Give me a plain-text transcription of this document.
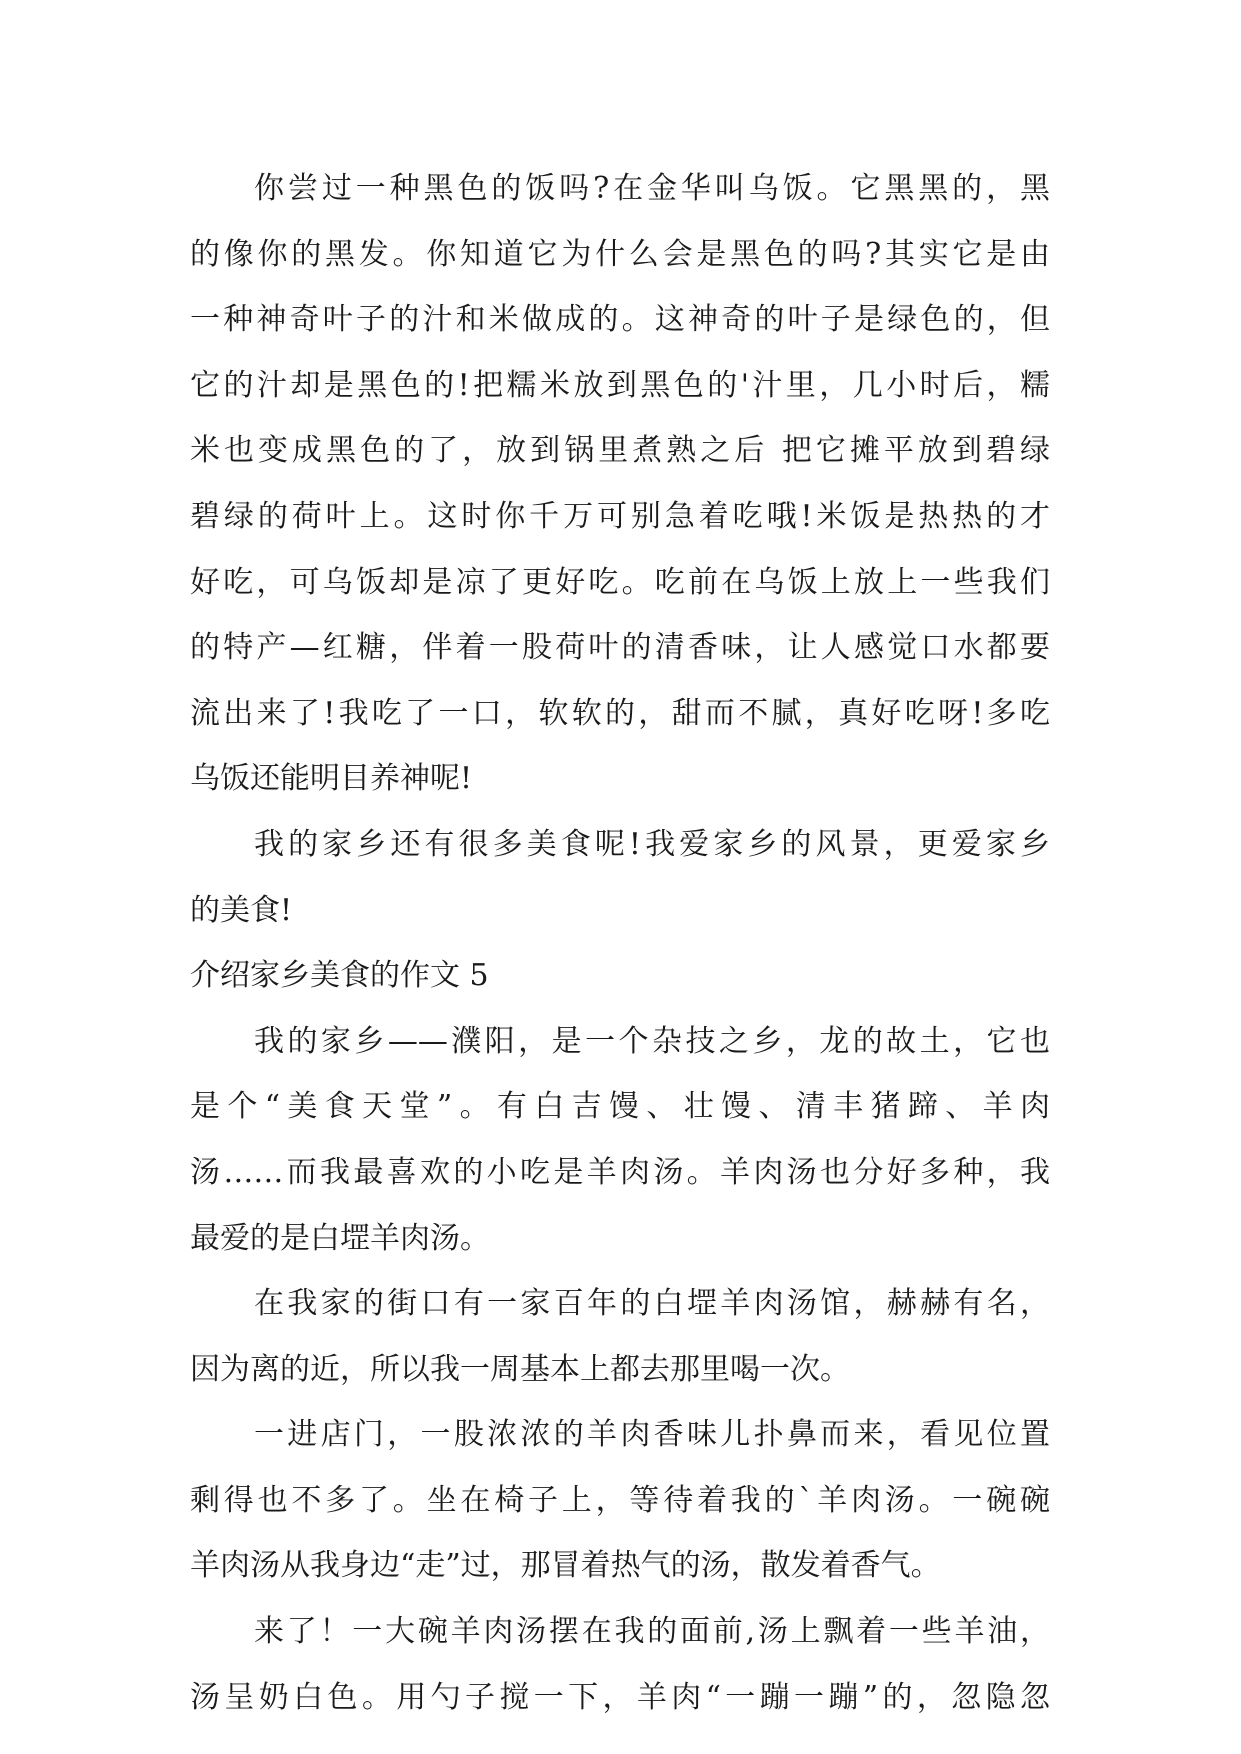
你尝过一种黑色的饭吗?在金华叫乌饭。它黑黑的，黑
的像你的黑发。你知道它为什么会是黑色的吗?其实它是由
一种神奇叶子的汁和米做成的。这神奇的叶子是绿色的，但
它的汁却是黑色的!把糯米放到黑色的'汁里，几小时后，糯
米也变成黑色的了，放到锅里煮熟之后 把它摊平放到碧绿
碧绿的荷叶上。这时你千万可别急着吃哦!米饭是热热的才
好吃，可乌饭却是凉了更好吃。吃前在乌饭上放上一些我们
的特产—红糖，伴着一股荷叶的清香味，让人感觉口水都要
流出来了!我吃了一口，软软的，甜而不腻，真好吃呀!多吃
乌饭还能明目养神呢!
我的家乡还有很多美食呢!我爱家乡的风景，更爱家乡
的美食!
介绍家乡美食的作文 5
我的家乡——濮阳，是一个杂技之乡，龙的故土，它也
是个“美食天堂”。有白吉馒、壮馒、清丰猪蹄、羊肉
汤……而我最喜欢的小吃是羊肉汤。羊肉汤也分好多种，我
最爱的是白堽羊肉汤。
在我家的街口有一家百年的白堽羊肉汤馆，赫赫有名，
因为离的近，所以我一周基本上都去那里喝一次。
一进店门，一股浓浓的羊肉香味儿扑鼻而来，看见位置
剩得也不多了。坐在椅子上，等待着我的`羊肉汤。一碗碗
羊肉汤从我身边“走”过，那冒着热气的汤，散发着香气。
来了！一大碗羊肉汤摆在我的面前,汤上飘着一些羊油，
汤呈奶白色。用勺子搅一下，羊肉“一蹦一蹦”的，忽隐忽
